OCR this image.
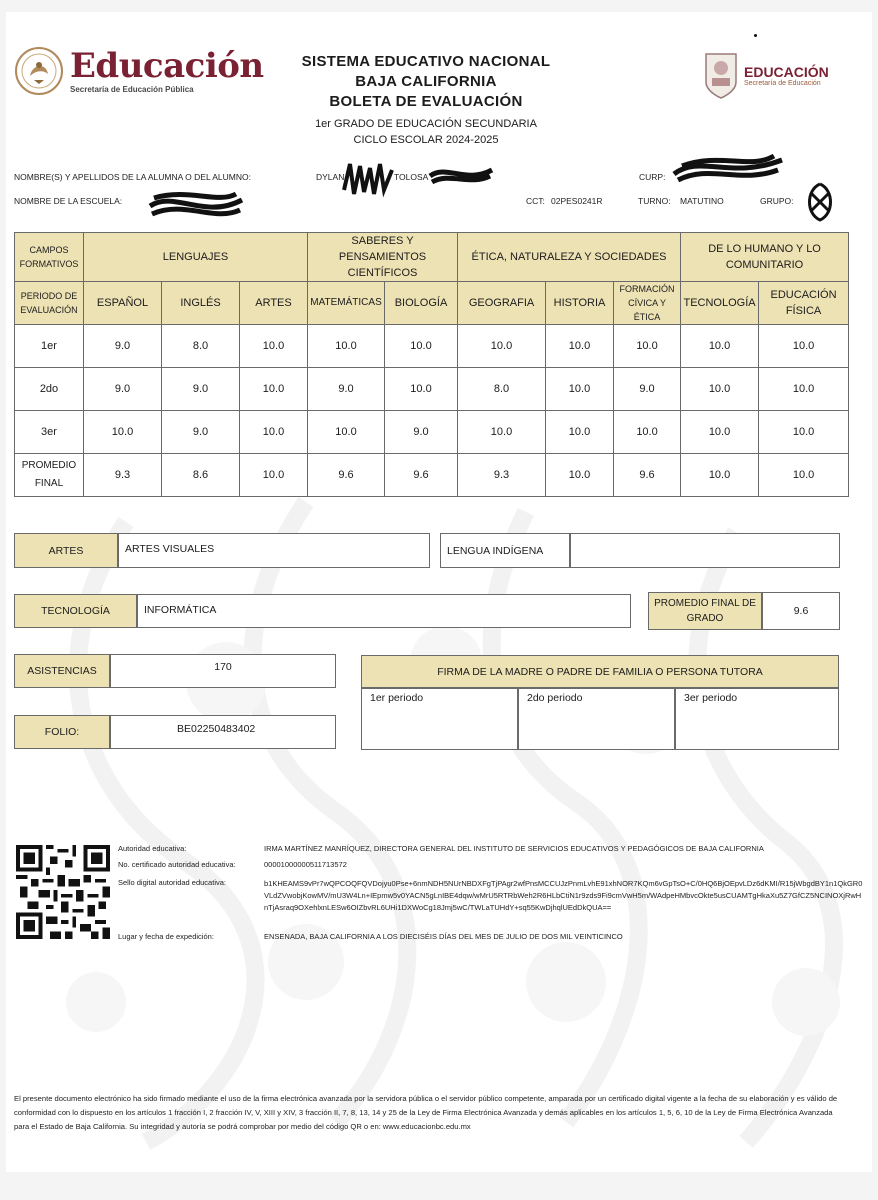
Educación
Secretaría de Educación Pública
EDUCACIÓN
Secretaría de Educación
SISTEMA EDUCATIVO NACIONAL
BAJA CALIFORNIA
BOLETA DE EVALUACIÓN
1er GRADO DE EDUCACIÓN SECUNDARIA
CICLO ESCOLAR 2024-2025
NOMBRE(S) Y APELLIDOS DE LA ALUMNA O DEL ALUMNO:	DYLAN	TOLOSA	CURP:
NOMBRE DE LA ESCUELA:	CCT: 02PES0241R	TURNO: MATUTINO	GRUPO:
CAMPOS FORMATIVOS	LENGUAJES			SABERES Y PENSAMIENTOS CIENTÍFICOS		ÉTICA, NATURALEZA Y SOCIEDADES			DE LO HUMANO Y LO COMUNITARIO	
PERIODO DE EVALUACIÓN	ESPAÑOL	INGLÉS	ARTES	MATEMÁTICAS	BIOLOGÍA	GEOGRAFIA	HISTORIA	FORMACIÓN CÍVICA Y ÉTICA	TECNOLOGÍA	EDUCACIÓN FÍSICA
1er	9.0	8.0	10.0	10.0	10.0	10.0	10.0	10.0	10.0	10.0
2do	9.0	9.0	10.0	9.0	10.0	8.0	10.0	9.0	10.0	10.0
3er	10.0	9.0	10.0	10.0	9.0	10.0	10.0	10.0	10.0	10.0
PROMEDIO FINAL	9.3	8.6	10.0	9.6	9.6	9.3	10.0	9.6	10.0	10.0
ARTES	ARTES VISUALES	LENGUA INDÍGENA
TECNOLOGÍA	INFORMÁTICA
PROMEDIO FINAL DE GRADO
9.6
ASISTENCIAS	170
FOLIO:	BE02250483402
FIRMA DE LA MADRE O PADRE DE FAMILIA O PERSONA TUTORA
1er periodo	2do periodo	3er periodo
Autoridad educativa:	IRMA MARTÍNEZ MANRÍQUEZ, DIRECTORA GENERAL DEL INSTITUTO DE SERVICIOS EDUCATIVOS Y PEDAGÓGICOS DE BAJA CALIFORNIA
No. certificado autoridad educativa:	00001000000511713572
Sello digital autoridad educativa:	b1KHEAMS9vPr7wQPCOQFQVDojyu0Pse+6nmNDH5NUrNBDXFgTjPAgr2wfPnsMCCUJzPnmLvhE91xhNOR7KQm6vGpTsO+C/0HQ6BjOEpvLDz6dKMI/R15jWbgdBY1n1QkGR0VLdZVwobjKowMV/mU3W4Ln+IEpmw5v0YACN5gLnIBE4dqw/wMrU5RTRbWeh2R6HLbCtiN1r9zds9Fi9cmVwH5m/WAdpeHMbvcOkte5usCUAMTgHkaXu5Z7GfCZ5NCINOXjRwHnTjAsraq9OXehlxnLESw6OIZbvRL6UHi1DXWoCg18Jmj5wC/TWLaTUHdY+sq55KwDjhqlUEdDkQUA==
Lugar y fecha de expedición:	ENSENADA, BAJA CALIFORNIA A LOS DIECISÉIS DÍAS DEL MES DE JULIO DE DOS MIL VEINTICINCO
El presente documento electrónico ha sido firmado mediante el uso de la firma electrónica avanzada por la servidora pública o el servidor público competente, amparada por un certificado digital vigente a la fecha de su elaboración y es válido de conformidad con lo dispuesto en los artículos 1 fracción I, 2 fracción IV, V, XIII y XIV, 3 fracción II, 7, 8, 13, 14 y 25 de la Ley de Firma Electrónica Avanzada y demás aplicables en los artículos 1, 5, 6, 10 de la Ley de Firma Electrónica Avanzada para el Estado de Baja California. Su integridad y autoría se podrá comprobar por medio del código QR o en: www.educacionbc.edu.mx
